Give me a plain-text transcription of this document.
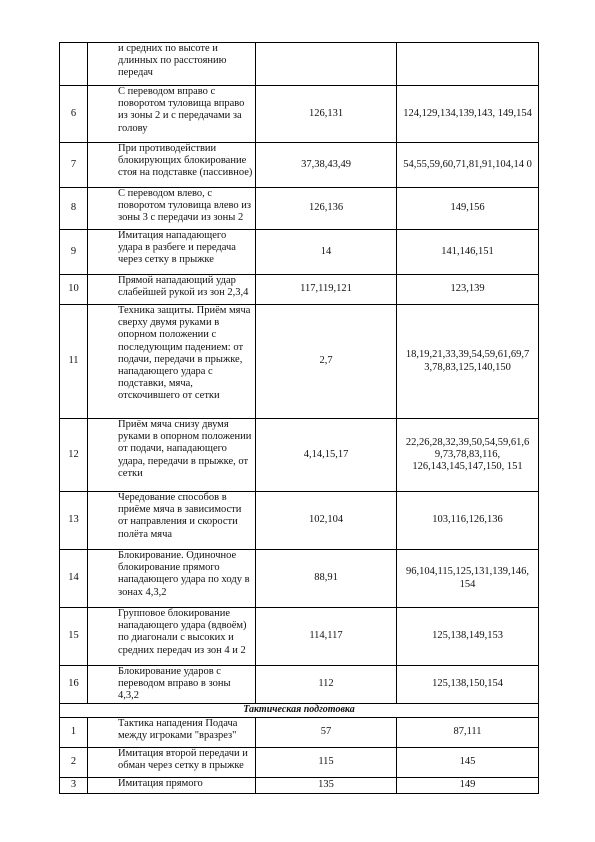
	и средних по высоте и длинных по расстоянию передач		
6	С переводом вправо с поворотом туловища вправо из зоны 2 и с передачами за голову	126,131	124,129,134,139,143, 149,154
7	При противодействии блокирующих блокирование стоя на подставке (пассивное)	37,38,43,49	54,55,59,60,71,81,91,104,14 0
8	С переводом влево, с поворотом туловища влево из зоны 3 с передачи из зоны 2	126,136	149,156
9	Имитация нападающего удара в разбеге и передача через сетку в прыжке	14	141,146,151
10	Прямой нападающий удар слабейшей рукой из зон 2,3,4	117,119,121	123,139
11	Техника защиты. Приём мяча сверху двумя руками в опорном положении с последующим падением: от подачи, передачи в прыжке, нападающего удара с подставки, мяча, отскочившего от сетки	2,7	18,19,21,33,39,54,59,61,69,7 3,78,83,125,140,150
12	Приём мяча снизу двумя руками в опорном положении от подачи, нападающего удара, передачи в прыжке, от сетки	4,14,15,17	22,26,28,32,39,50,54,59,61,6 9,73,78,83,116, 126,143,145,147,150, 151
13	Чередование способов в приёме мяча в зависимости от направления и скорости полёта мяча	102,104	103,116,126,136
14	Блокирование. Одиночное блокирование прямого нападающего удара по ходу в зонах 4,3,2	88,91	96,104,115,125,131,139,146, 154
15	Групповое блокирование нападающего удара (вдвоём) по диагонали с высоких и средних передач из зон 4 и 2	114,117	125,138,149,153
16	Блокирование ударов с переводом вправо в зоны 4,3,2	112	125,138,150,154
Тактическая подготовка			
1	Тактика нападения Подача между игроками "вразрез"	57	87,111
2	Имитация второй передачи и обман через сетку в прыжке	115	145
3	Имитация прямого	135	149
